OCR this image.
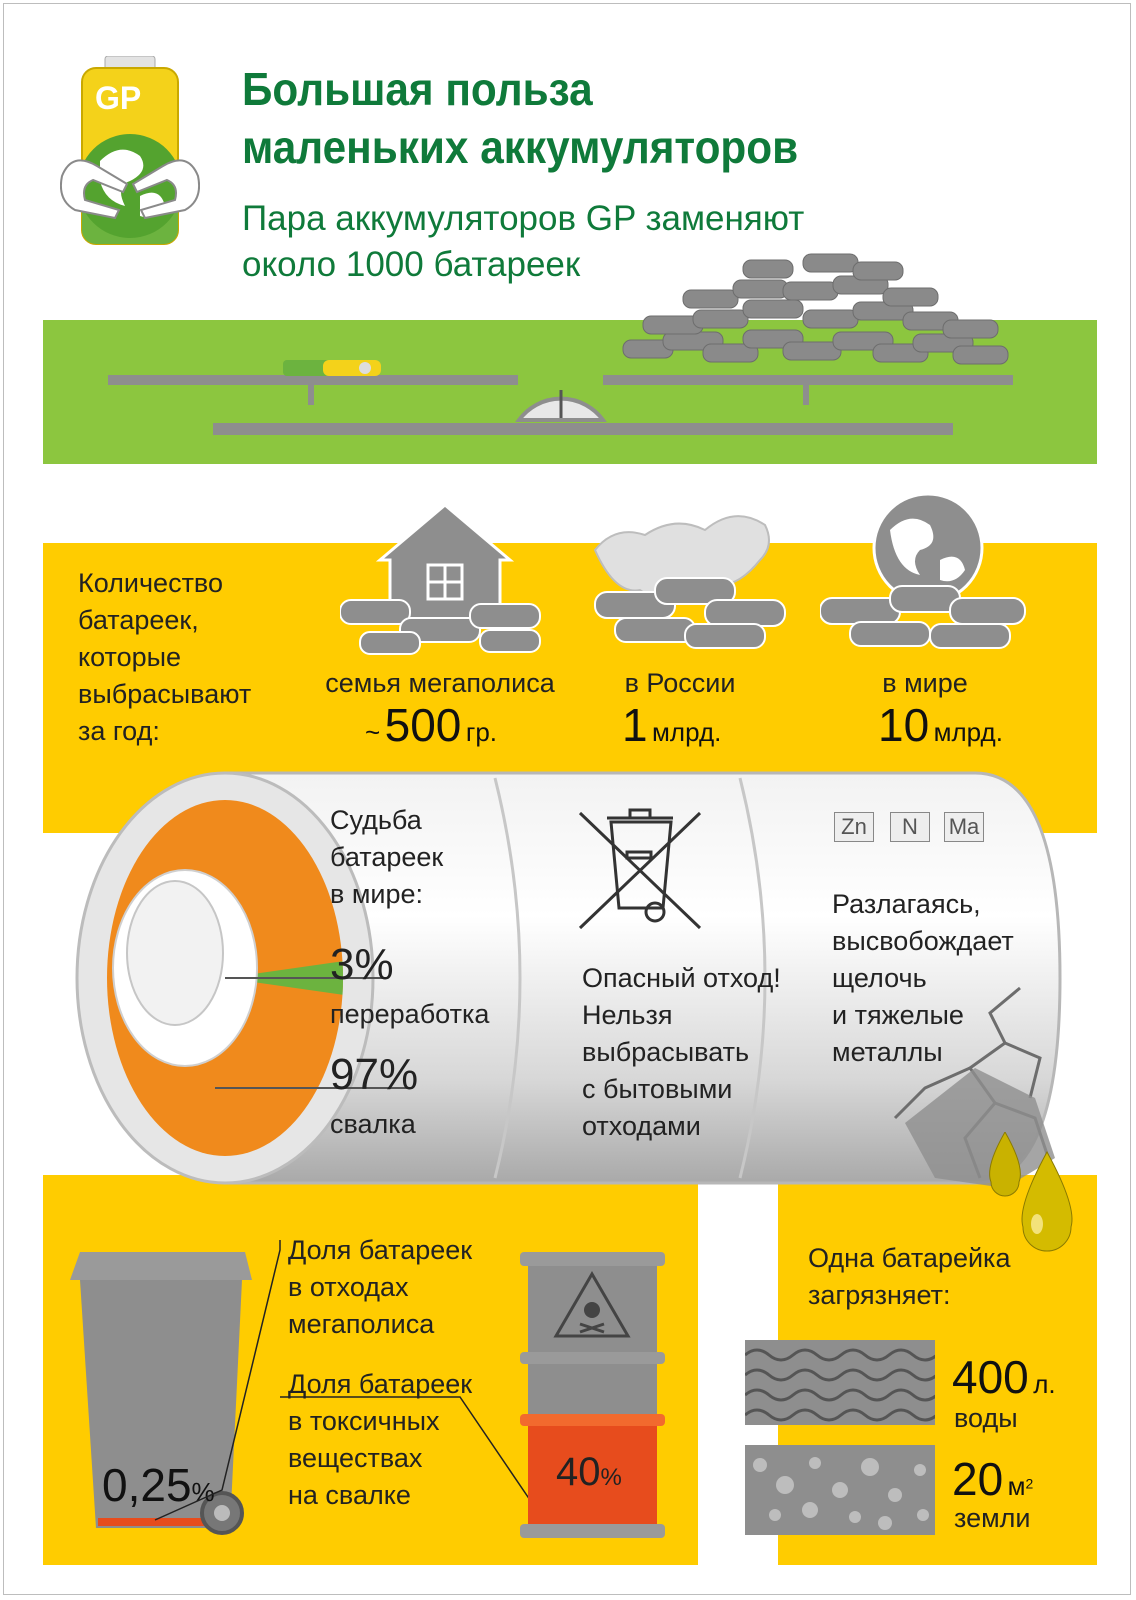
GP Большая польза
маленьких аккумуляторов
Пара аккумуляторов GP заменяют
около 1000 батареек
Количество
батареек,
которые
выбрасывают
за год:
семья мегаполиса
~ 500 гр.
в России
1 млрд.
в мире
10 млрд.
Судьба
батареек
в мире:
3%
переработка
97%
свалка
Опасный отход!
Нельзя
выбрасывать
с бытовыми
отходами
Zn	N	Ma
Разлагаясь,
высвобождает
щелочь
и тяжелые
металлы
0,25%
Доля батареек
в отходах
мегаполиса
Доля батареек
в токсичных
веществах
на свалке
40%
Одна батарейка
загрязняет:
400 л.
воды
20 $м^2$
земли
